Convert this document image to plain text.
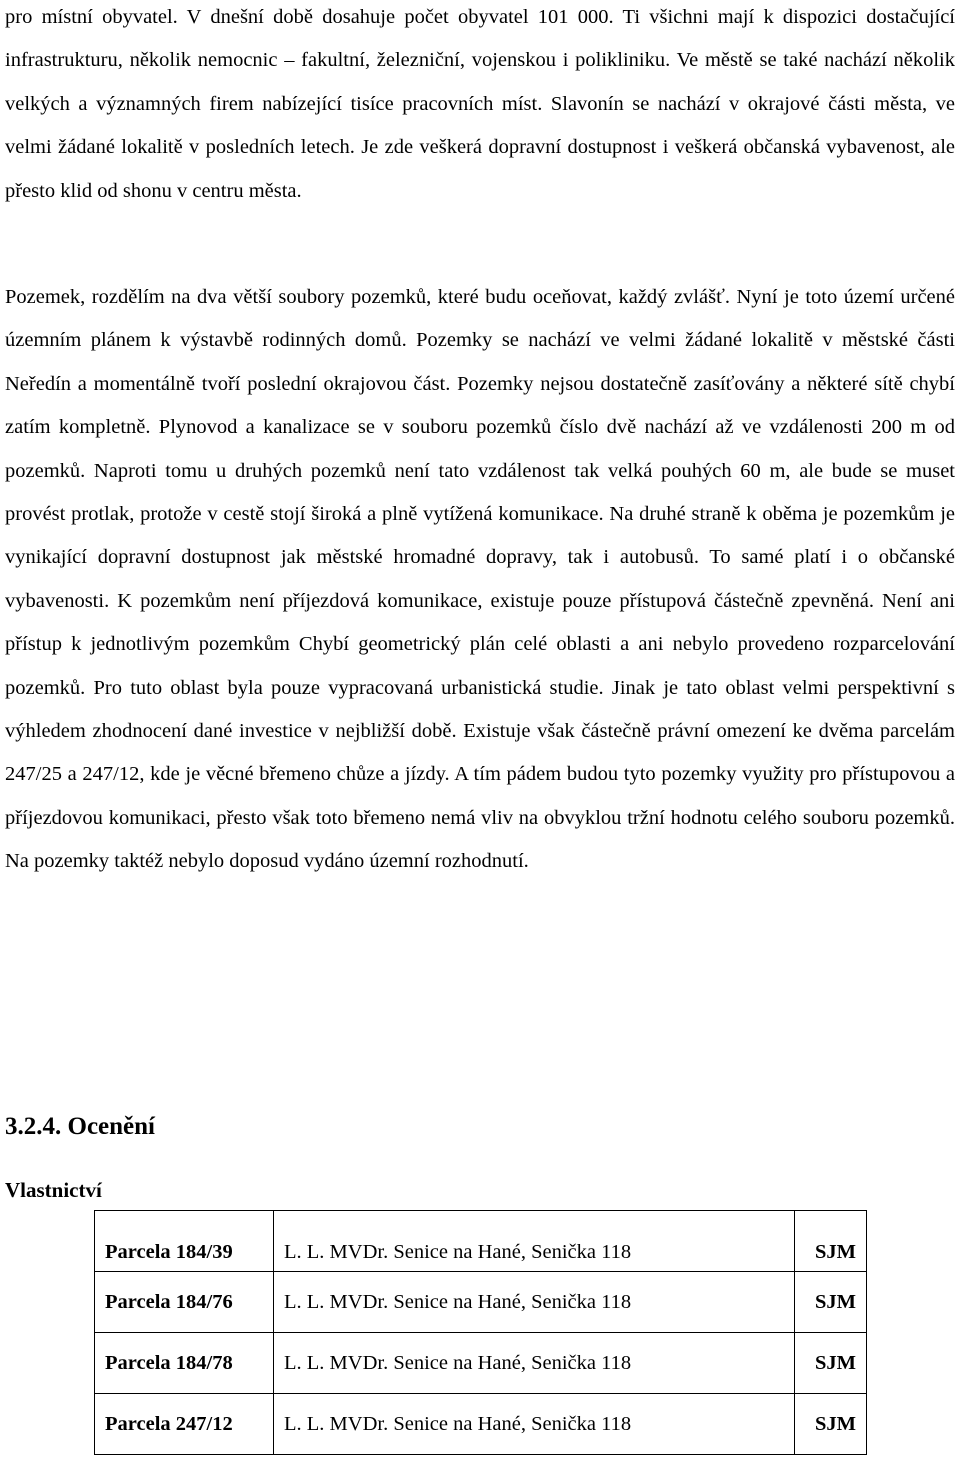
pro místní obyvatel. V dnešní době dosahuje počet obyvatel 101 000. Ti všichni mají k dispozici dostačující infrastrukturu, několik nemocnic – fakultní, železniční, vojenskou i polikliniku. Ve městě se také nachází několik velkých a významných firem nabízející tisíce pracovních míst. Slavonín se nachází v okrajové části města, ve velmi žádané lokalitě v posledních letech. Je zde veškerá dopravní dostupnost i veškerá občanská vybavenost, ale přesto klid od shonu v centru města.

Pozemek, rozdělím na dva větší soubory pozemků, které budu oceňovat, každý zvlášť. Nyní je toto území určené územním plánem k výstavbě rodinných domů. Pozemky se nachází ve velmi žádané lokalitě v městské části Neředín a momentálně tvoří poslední okrajovou část. Pozemky nejsou dostatečně zasíťovány a některé sítě chybí zatím kompletně. Plynovod a kanalizace se v souboru pozemků číslo dvě nachází až ve vzdálenosti 200 m od pozemků. Naproti tomu u druhých pozemků není tato vzdálenost tak velká pouhých 60 m, ale bude se muset provést protlak, protože v cestě stojí široká a plně vytížená komunikace. Na druhé straně k oběma je pozemkům je vynikající dopravní dostupnost jak městské hromadné dopravy, tak i autobusů. To samé platí i o občanské vybavenosti. K pozemkům není příjezdová komunikace, existuje pouze přístupová částečně zpevněná. Není ani přístup k jednotlivým pozemkům Chybí geometrický plán celé oblasti a ani nebylo provedeno rozparcelování pozemků. Pro tuto oblast byla pouze vypracovaná urbanistická studie. Jinak je tato oblast velmi perspektivní s výhledem zhodnocení dané investice v nejbližší době. Existuje však částečně právní omezení ke dvěma parcelám 247/25 a 247/12, kde je věcné břemeno chůze a jízdy. A tím pádem budou tyto pozemky využity pro přístupovou a příjezdovou komunikaci, přesto však toto břemeno nemá vliv na obvyklou tržní hodnotu celého souboru pozemků. Na pozemky taktéž nebylo doposud vydáno územní rozhodnutí.

3.2.4. Ocenění
Vlastnictví
Parcela 184/39	L. L. MVDr. Senice na Hané, Senička 118	SJM
Parcela 184/76	L. L. MVDr. Senice na Hané, Senička 118	SJM
Parcela 184/78	L. L. MVDr. Senice na Hané, Senička 118	SJM
Parcela 247/12	L. L. MVDr. Senice na Hané, Senička 118	SJM
